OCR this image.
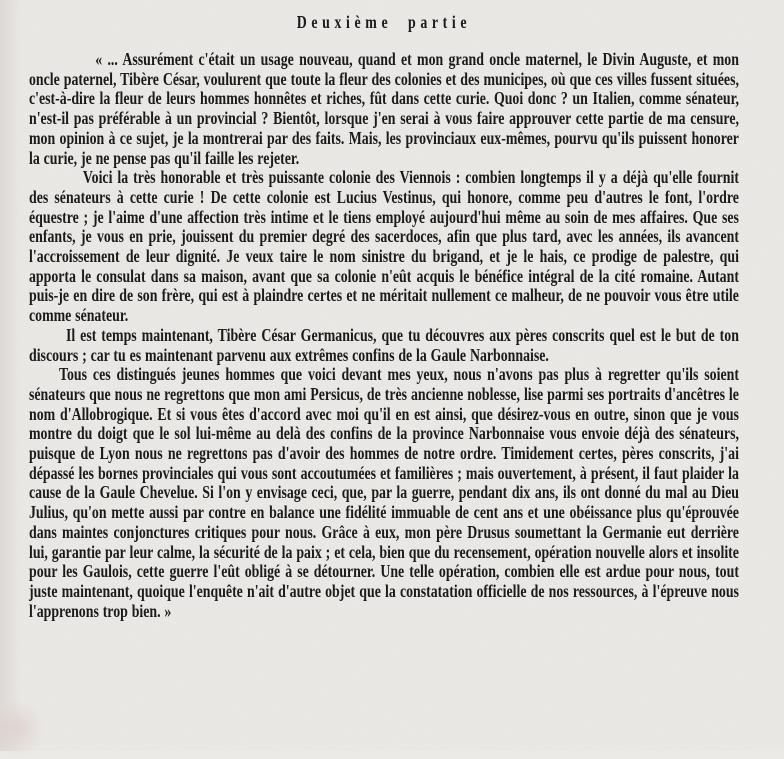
Deuxième partie

« ... Assurément c'était un usage nouveau, quand et mon grand oncle maternel, le Divin Auguste, et mon oncle paternel, Tibère César, voulurent que toute la fleur des colonies et des municipes, où que ces villes fussent situées, c'est-à-dire la fleur de leurs hommes honnêtes et riches, fût dans cette curie. Quoi donc ? un Italien, comme sénateur, n'est-il pas préférable à un provincial ? Bientôt, lorsque j'en serai à vous faire approuver cette partie de ma censure, mon opinion à ce sujet, je la montrerai par des faits. Mais, les provinciaux eux-mêmes, pourvu qu'ils puissent honorer la curie, je ne pense pas qu'il faille les rejeter.

Voici la très honorable et très puissante colonie des Viennois : combien longtemps il y a déjà qu'elle fournit des sénateurs à cette curie ! De cette colonie est Lucius Vestinus, qui honore, comme peu d'autres le font, l'ordre équestre ; je l'aime d'une affection très intime et le tiens employé aujourd'hui même au soin de mes affaires. Que ses enfants, je vous en prie, jouissent du premier degré des sacerdoces, afin que plus tard, avec les années, ils avancent l'accroissement de leur dignité. Je veux taire le nom sinistre du brigand, et je le hais, ce prodige de palestre, qui apporta le consulat dans sa maison, avant que sa colonie n'eût acquis le bénéfice intégral de la cité romaine. Autant puis-je en dire de son frère, qui est à plaindre certes et ne méritait nullement ce malheur, de ne pouvoir vous être utile comme sénateur.

Il est temps maintenant, Tibère César Germanicus, que tu découvres aux pères conscrits quel est le but de ton discours ; car tu es maintenant parvenu aux extrêmes confins de la Gaule Narbonnaise.

Tous ces distingués jeunes hommes que voici devant mes yeux, nous n'avons pas plus à regretter qu'ils soient sénateurs que nous ne regrettons que mon ami Persicus, de très ancienne noblesse, lise parmi ses portraits d'ancêtres le nom d'Allobrogique. Et si vous êtes d'accord avec moi qu'il en est ainsi, que désirez-vous en outre, sinon que je vous montre du doigt que le sol lui-même au delà des confins de la province Narbonnaise vous envoie déjà des sénateurs, puisque de Lyon nous ne regrettons pas d'avoir des hommes de notre ordre. Timidement certes, pères conscrits, j'ai dépassé les bornes provinciales qui vous sont accoutumées et familières ; mais ouvertement, à présent, il faut plaider la cause de la Gaule Chevelue. Si l'on y envisage ceci, que, par la guerre, pendant dix ans, ils ont donné du mal au Dieu Julius, qu'on mette aussi par contre en balance une fidélité immuable de cent ans et une obéissance plus qu'éprouvée dans maintes conjonctures critiques pour nous. Grâce à eux, mon père Drusus soumettant la Germanie eut derrière lui, garantie par leur calme, la sécurité de la paix ; et cela, bien que du recensement, opération nouvelle alors et insolite pour les Gaulois, cette guerre l'eût obligé à se détourner. Une telle opération, combien elle est ardue pour nous, tout juste maintenant, quoique l'enquête n'ait d'autre objet que la constatation officielle de nos ressources, à l'épreuve nous l'apprenons trop bien. »
